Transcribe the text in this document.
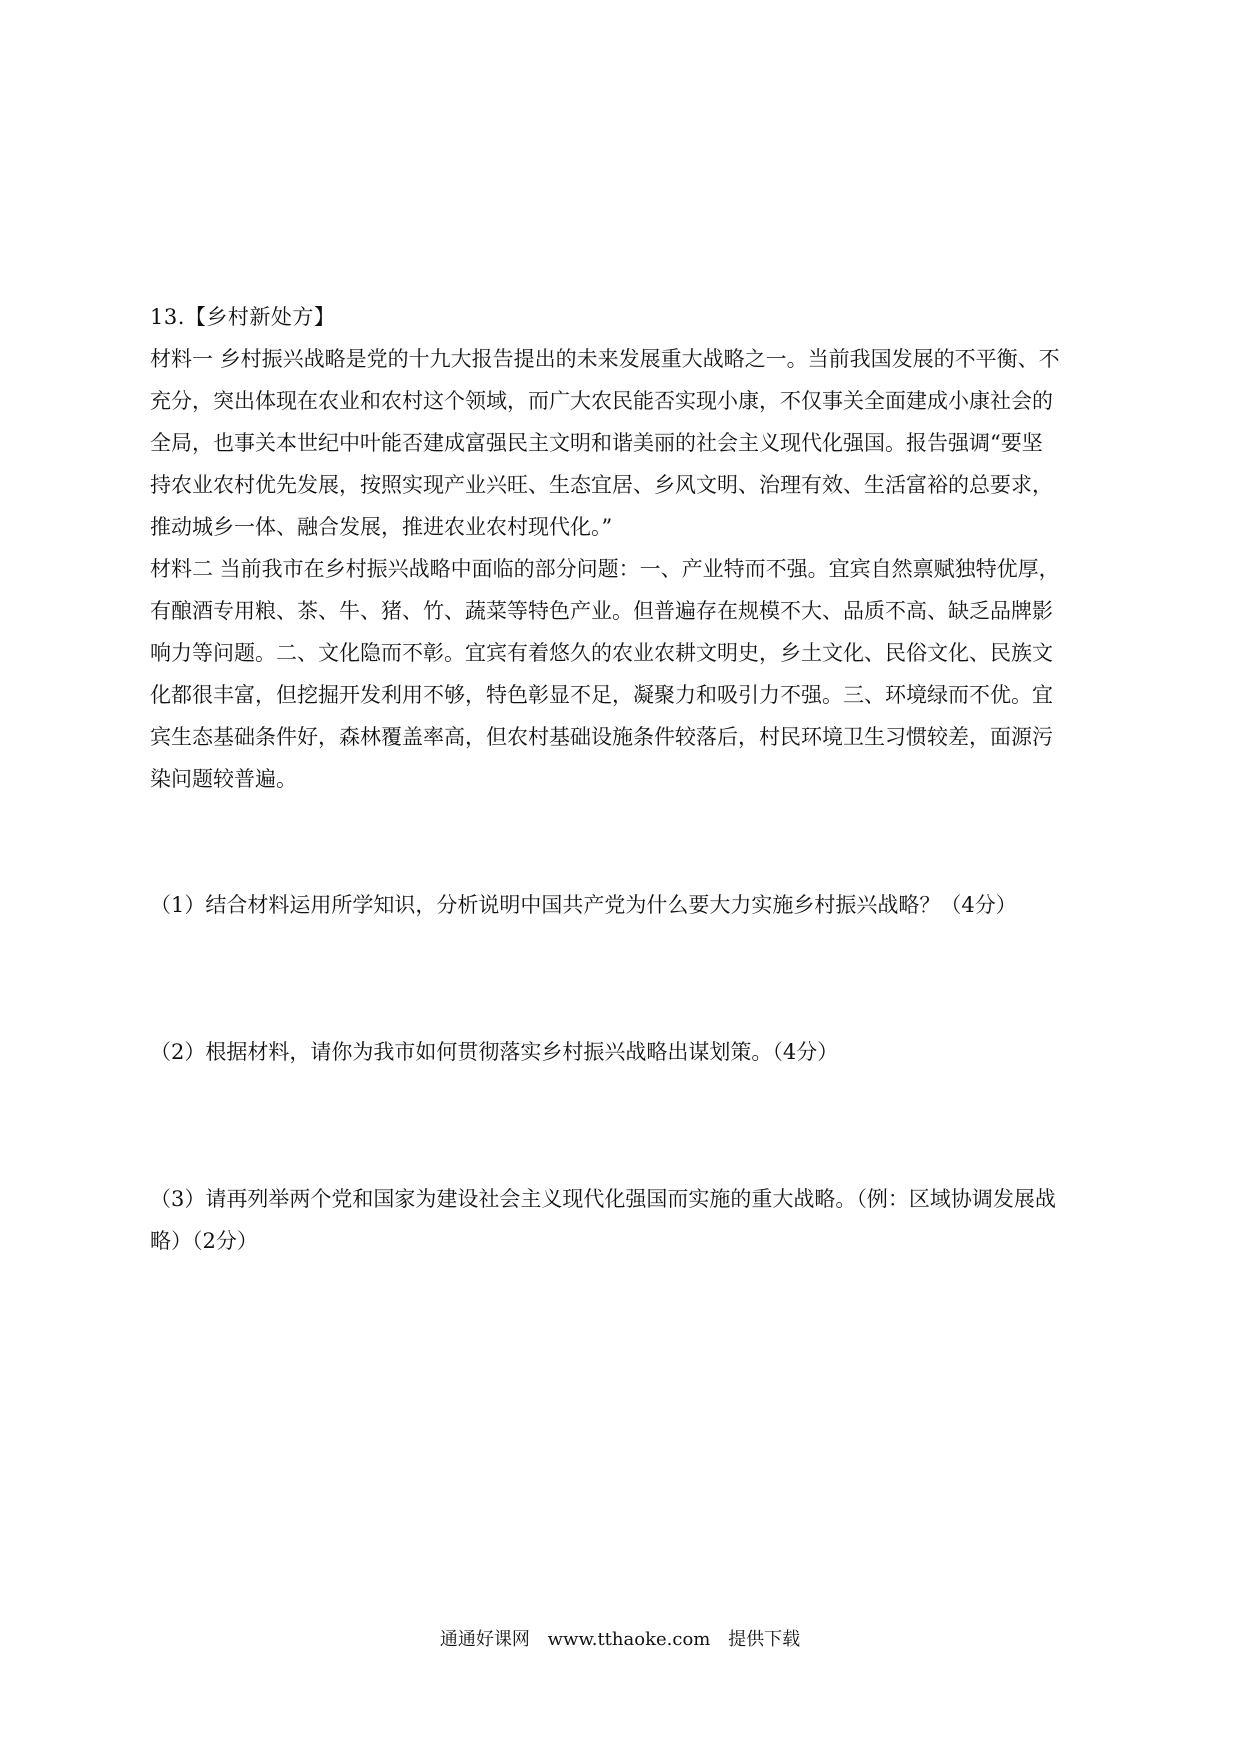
13.【乡村新处方】
材料一 乡村振兴战略是党的十九大报告提出的未来发展重大战略之一。当前我国发展的不平衡、不
充分，突出体现在农业和农村这个领域，而广大农民能否实现小康，不仅事关全面建成小康社会的
全局，也事关本世纪中叶能否建成富强民主文明和谐美丽的社会主义现代化强国。报告强调“要坚
持农业农村优先发展，按照实现产业兴旺、生态宜居、乡风文明、治理有效、生活富裕的总要求，
推动城乡一体、融合发展，推进农业农村现代化。”
材料二 当前我市在乡村振兴战略中面临的部分问题：一、产业特而不强。宜宾自然禀赋独特优厚，
有酿酒专用粮、茶、牛、猪、竹、蔬菜等特色产业。但普遍存在规模不大、品质不高、缺乏品牌影
响力等问题。二、文化隐而不彰。宜宾有着悠久的农业农耕文明史，乡土文化、民俗文化、民族文
化都很丰富，但挖掘开发利用不够，特色彰显不足，凝聚力和吸引力不强。三、环境绿而不优。宜
宾生态基础条件好，森林覆盖率高，但农村基础设施条件较落后，村民环境卫生习惯较差，面源污
染问题较普遍。
（1）结合材料运用所学知识，分析说明中国共产党为什么要大力实施乡村振兴战略？（4分）
（2）根据材料，请你为我市如何贯彻落实乡村振兴战略出谋划策。（4分）
（3）请再列举两个党和国家为建设社会主义现代化强国而实施的重大战略。（例：区域协调发展战
略）（2分）
通通好课网 www.tthaoke.com 提供下载
